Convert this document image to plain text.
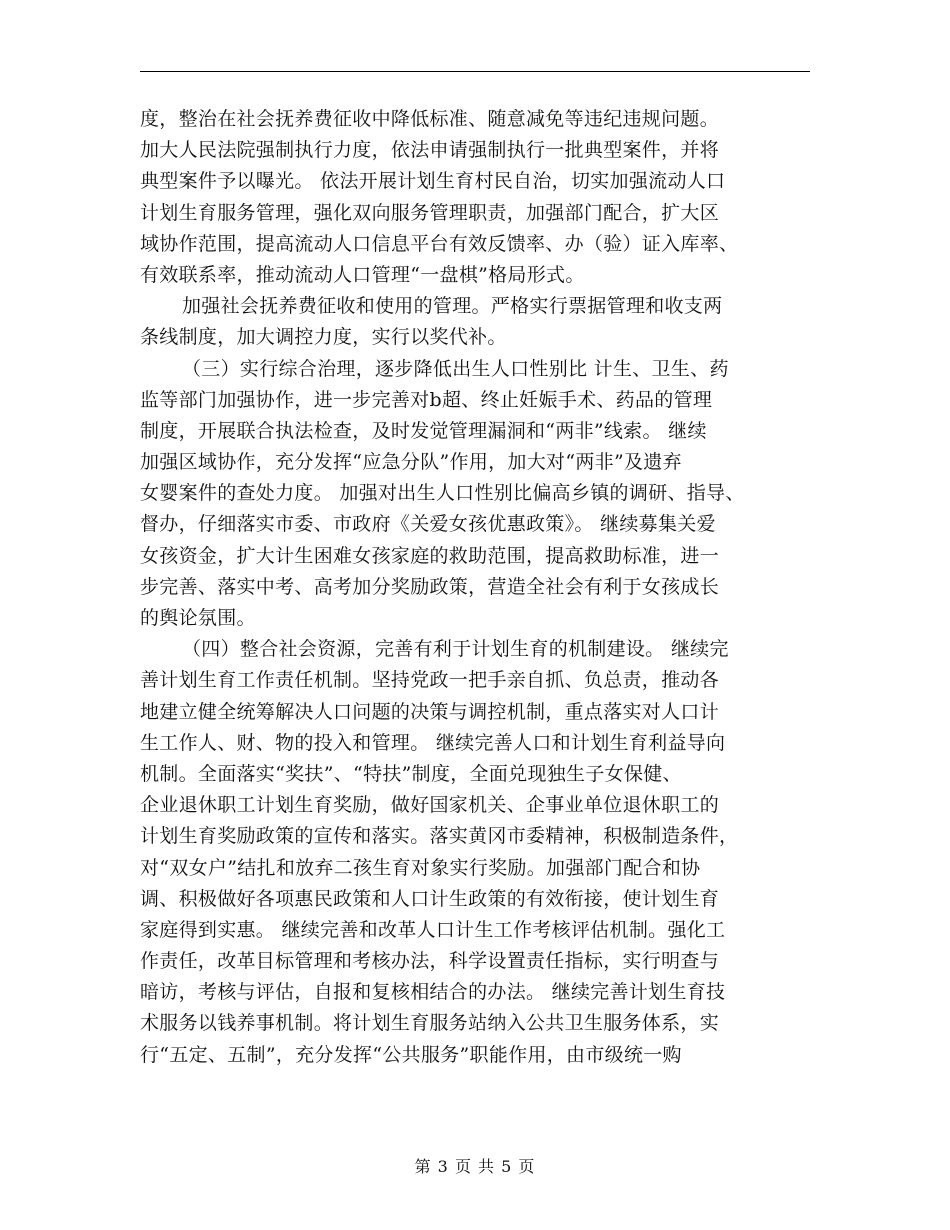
度，整治在社会抚养费征收中降低标准、随意减免等违纪违规问题。
加大人民法院强制执行力度，依法申请强制执行一批典型案件，并将
典型案件予以曝光。 依法开展计划生育村民自治，切实加强流动人口
计划生育服务管理，强化双向服务管理职责，加强部门配合，扩大区
域协作范围，提高流动人口信息平台有效反馈率、办（验）证入库率、
有效联系率，推动流动人口管理“一盘棋”格局形式。
加强社会抚养费征收和使用的管理。严格实行票据管理和收支两
条线制度，加大调控力度，实行以奖代补。
（三）实行综合治理，逐步降低出生人口性别比 计生、卫生、药
监等部门加强协作，进一步完善对b超、终止妊娠手术、药品的管理
制度，开展联合执法检查，及时发觉管理漏洞和“两非”线索。 继续
加强区域协作，充分发挥“应急分队”作用，加大对“两非”及遗弃
女婴案件的查处力度。 加强对出生人口性别比偏高乡镇的调研、指导、
督办，仔细落实市委、市政府《关爱女孩优惠政策》。 继续募集关爱
女孩资金，扩大计生困难女孩家庭的救助范围，提高救助标准，进一
步完善、落实中考、高考加分奖励政策，营造全社会有利于女孩成长
的舆论氛围。
（四）整合社会资源，完善有利于计划生育的机制建设。 继续完
善计划生育工作责任机制。坚持党政一把手亲自抓、负总责，推动各
地建立健全统筹解决人口问题的决策与调控机制，重点落实对人口计
生工作人、财、物的投入和管理。 继续完善人口和计划生育利益导向
机制。全面落实“奖扶”、“特扶”制度，全面兑现独生子女保健、
企业退休职工计划生育奖励，做好国家机关、企事业单位退休职工的
计划生育奖励政策的宣传和落实。落实黄冈市委精神，积极制造条件，
对“双女户”结扎和放弃二孩生育对象实行奖励。加强部门配合和协
调、积极做好各项惠民政策和人口计生政策的有效衔接，使计划生育
家庭得到实惠。 继续完善和改革人口计生工作考核评估机制。强化工
作责任，改革目标管理和考核办法，科学设置责任指标，实行明查与
暗访，考核与评估，自报和复核相结合的办法。 继续完善计划生育技
术服务以钱养事机制。将计划生育服务站纳入公共卫生服务体系，实
行“五定、五制”，充分发挥“公共服务”职能作用，由市级统一购
第 3 页 共 5 页
